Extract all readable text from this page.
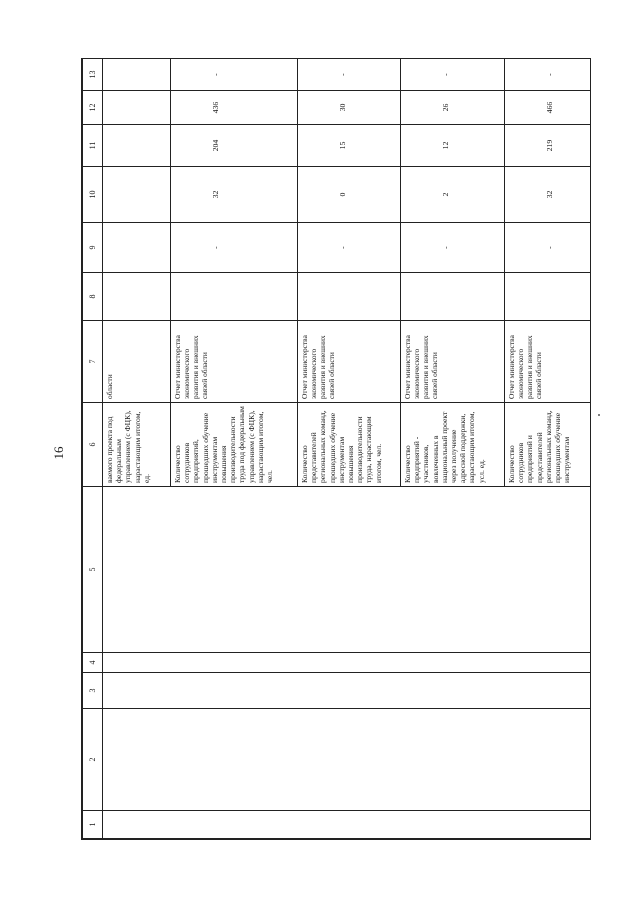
16
1	2	3	4	5	6	7	8	9	10	11	12	13
					ваемого проекта под федеральным управлением (с ФЦК), нарастающим итогом, ед.	области						
					Количество сотрудников предприятий, прошедших обучение инструментам повышения производительности труда под федеральным управлением (с ФЦК), нарастающим итогом, чел.	Отчет министерства экономического развития и внешних связей области		-	32	204	436	-
					Количество представителей региональных команд, прошедших обучение инструментам повышения производительности труда, нарастающим итогом, чел.	Отчет министерства экономического развития и внешних связей области		-	0	15	30	-
					Количество предприятий - участников, вовлеченных в национальный проект через получение адресной поддержки, нарастающим итогом, усл. ед.	Отчет министерства экономического развития и внешних связей области		-	2	12	26	-
					Количество сотрудников предприятий и представителей региональных команд, прошедших обучение инструментам	Отчет министерства экономического развития и внешних связей области		-	32	219	466	-
